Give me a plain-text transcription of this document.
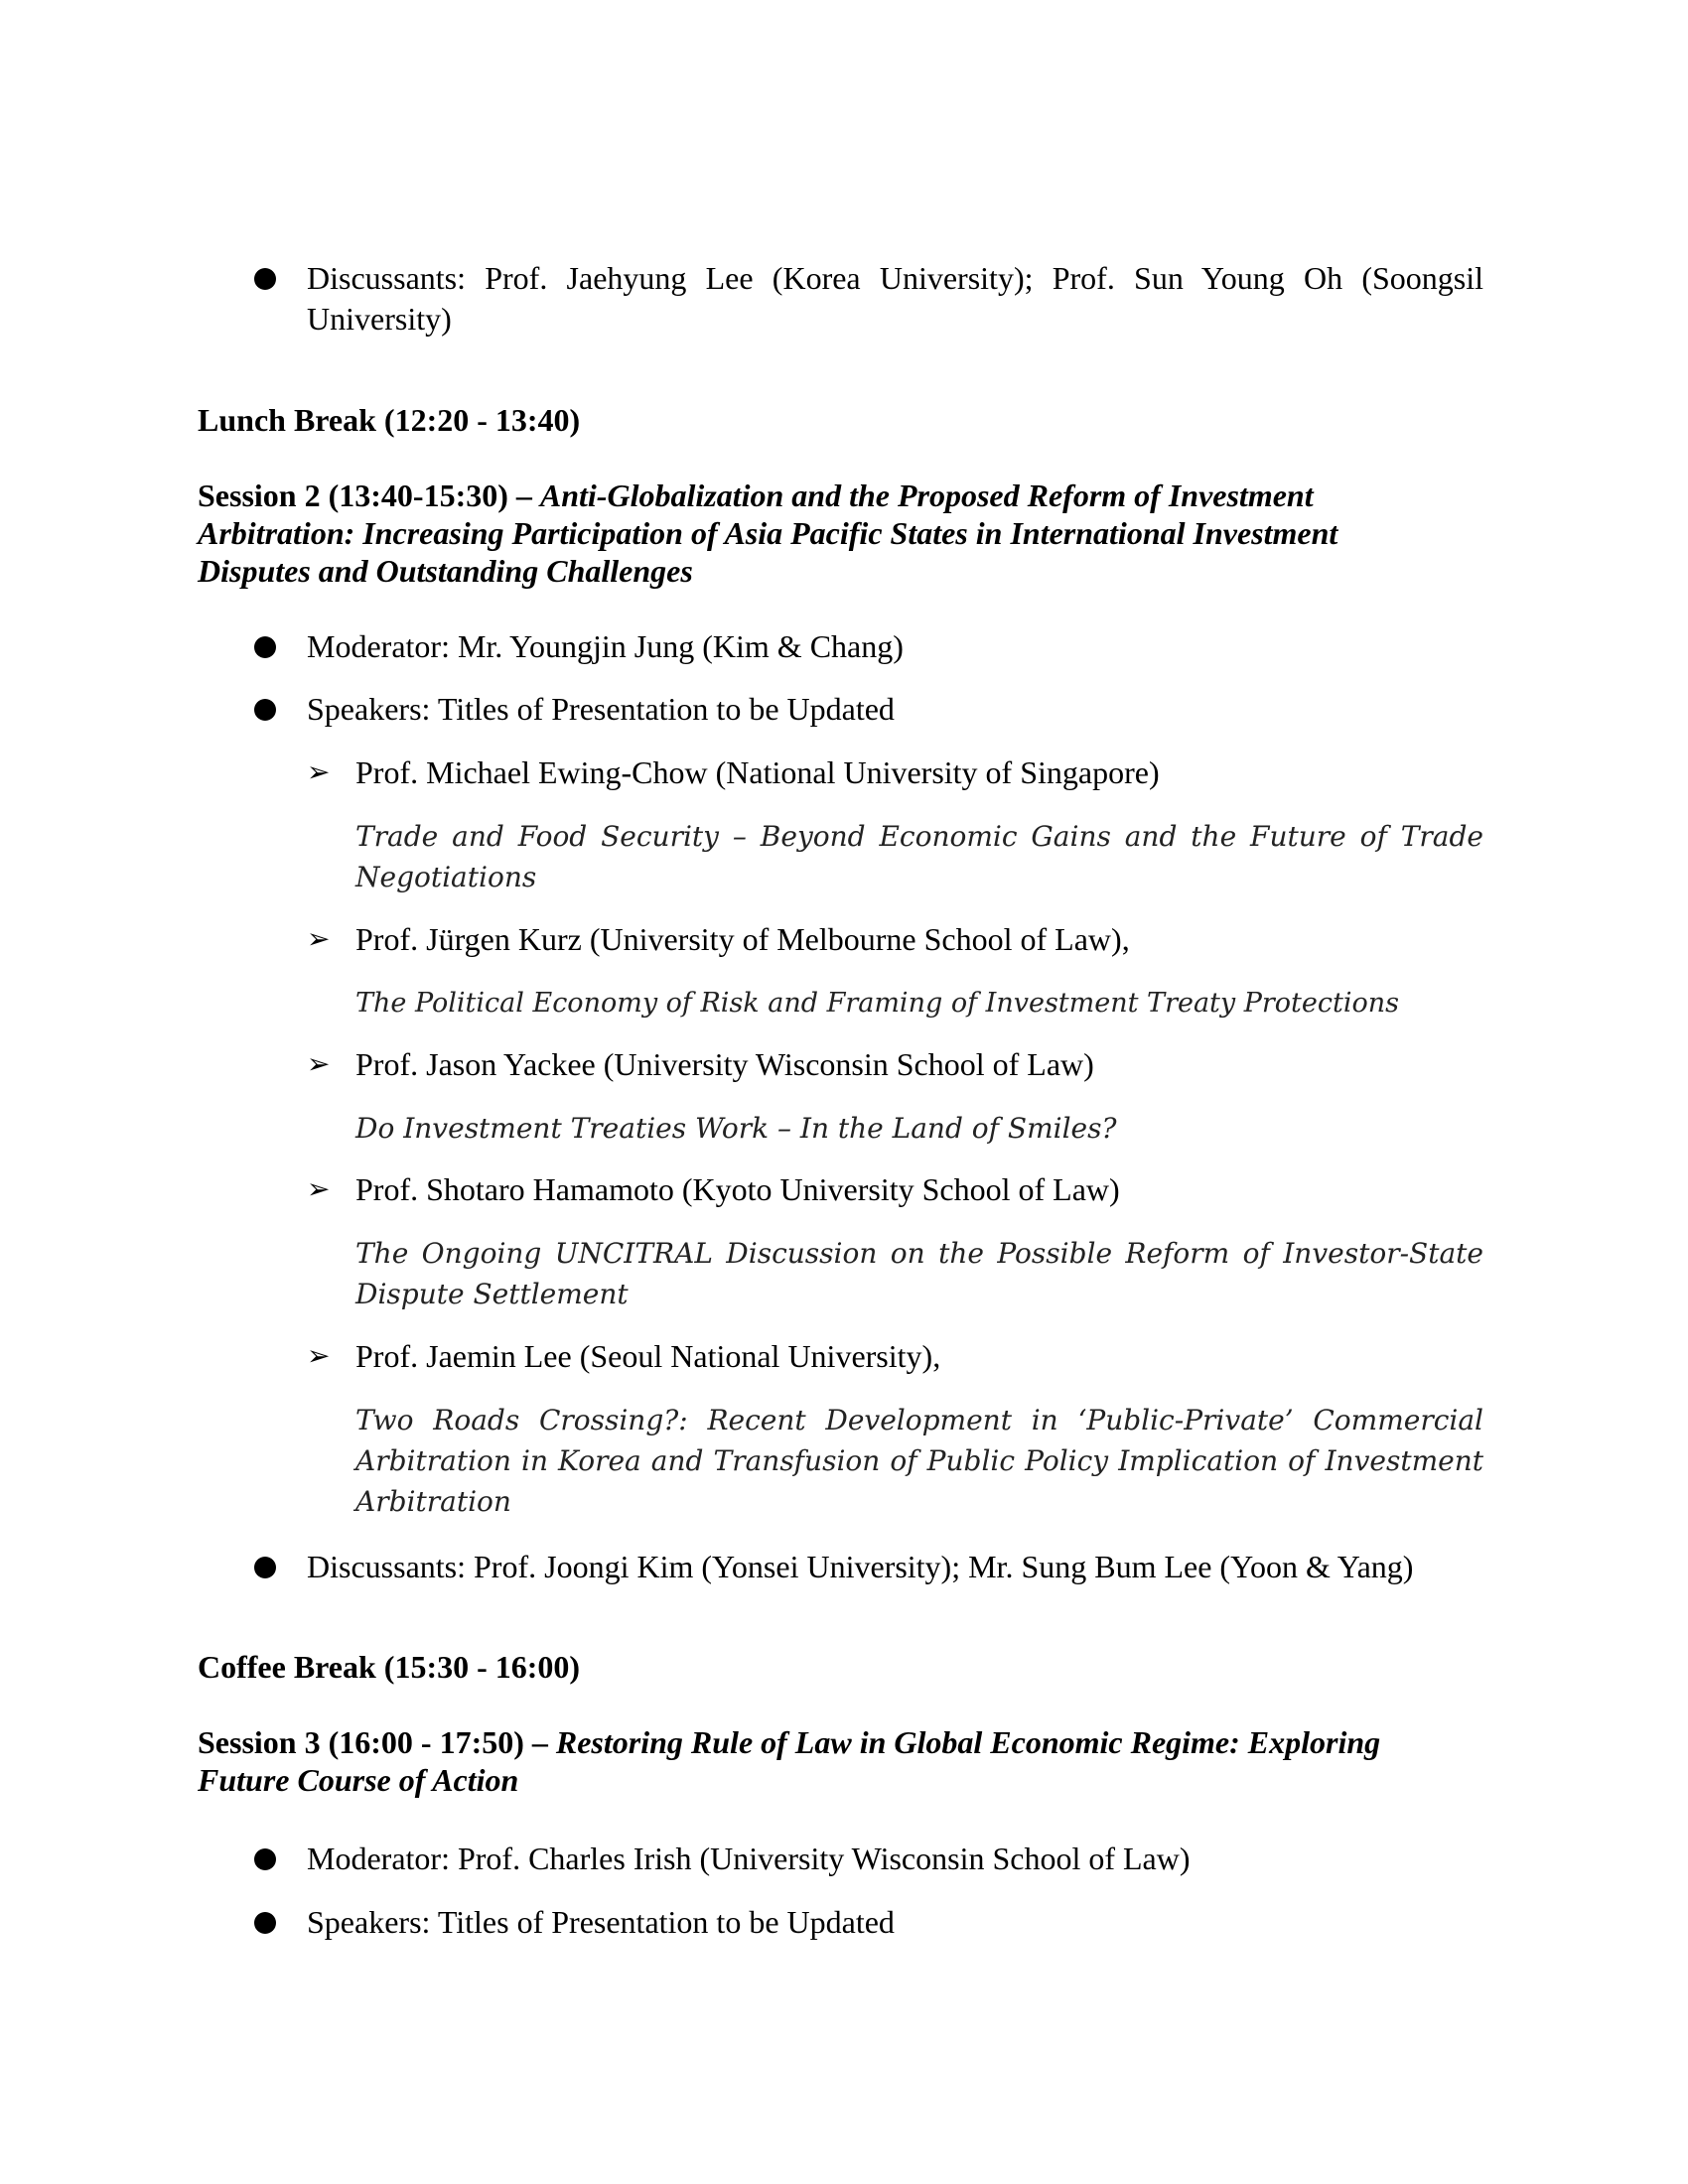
Discussants: Prof. Jaehyung Lee (Korea University); Prof. Sun Young Oh (Soongsil University)
Lunch Break (12:20 - 13:40)
Session 2 (13:40-15:30) – Anti-Globalization and the Proposed Reform of Investment Arbitration: Increasing Participation of Asia Pacific States in International Investment Disputes and Outstanding Challenges
Moderator: Mr. Youngjin Jung (Kim & Chang)
Speakers: Titles of Presentation to be Updated
➢ Prof. Michael Ewing-Chow (National University of Singapore)
Trade and Food Security – Beyond Economic Gains and the Future of Trade Negotiations
➢ Prof. Jürgen Kurz (University of Melbourne School of Law),
The Political Economy of Risk and Framing of Investment Treaty Protections
➢ Prof. Jason Yackee (University Wisconsin School of Law)
Do Investment Treaties Work – In the Land of Smiles?
➢ Prof. Shotaro Hamamoto (Kyoto University School of Law)
The Ongoing UNCITRAL Discussion on the Possible Reform of Investor-State Dispute Settlement
➢ Prof. Jaemin Lee (Seoul National University),
Two Roads Crossing?: Recent Development in ‘Public-Private’ Commercial Arbitration in Korea and Transfusion of Public Policy Implication of Investment Arbitration
Discussants: Prof. Joongi Kim (Yonsei University); Mr. Sung Bum Lee (Yoon & Yang)
Coffee Break (15:30 - 16:00)
Session 3 (16:00 - 17:50) – Restoring Rule of Law in Global Economic Regime: Exploring Future Course of Action
Moderator: Prof. Charles Irish (University Wisconsin School of Law)
Speakers: Titles of Presentation to be Updated
